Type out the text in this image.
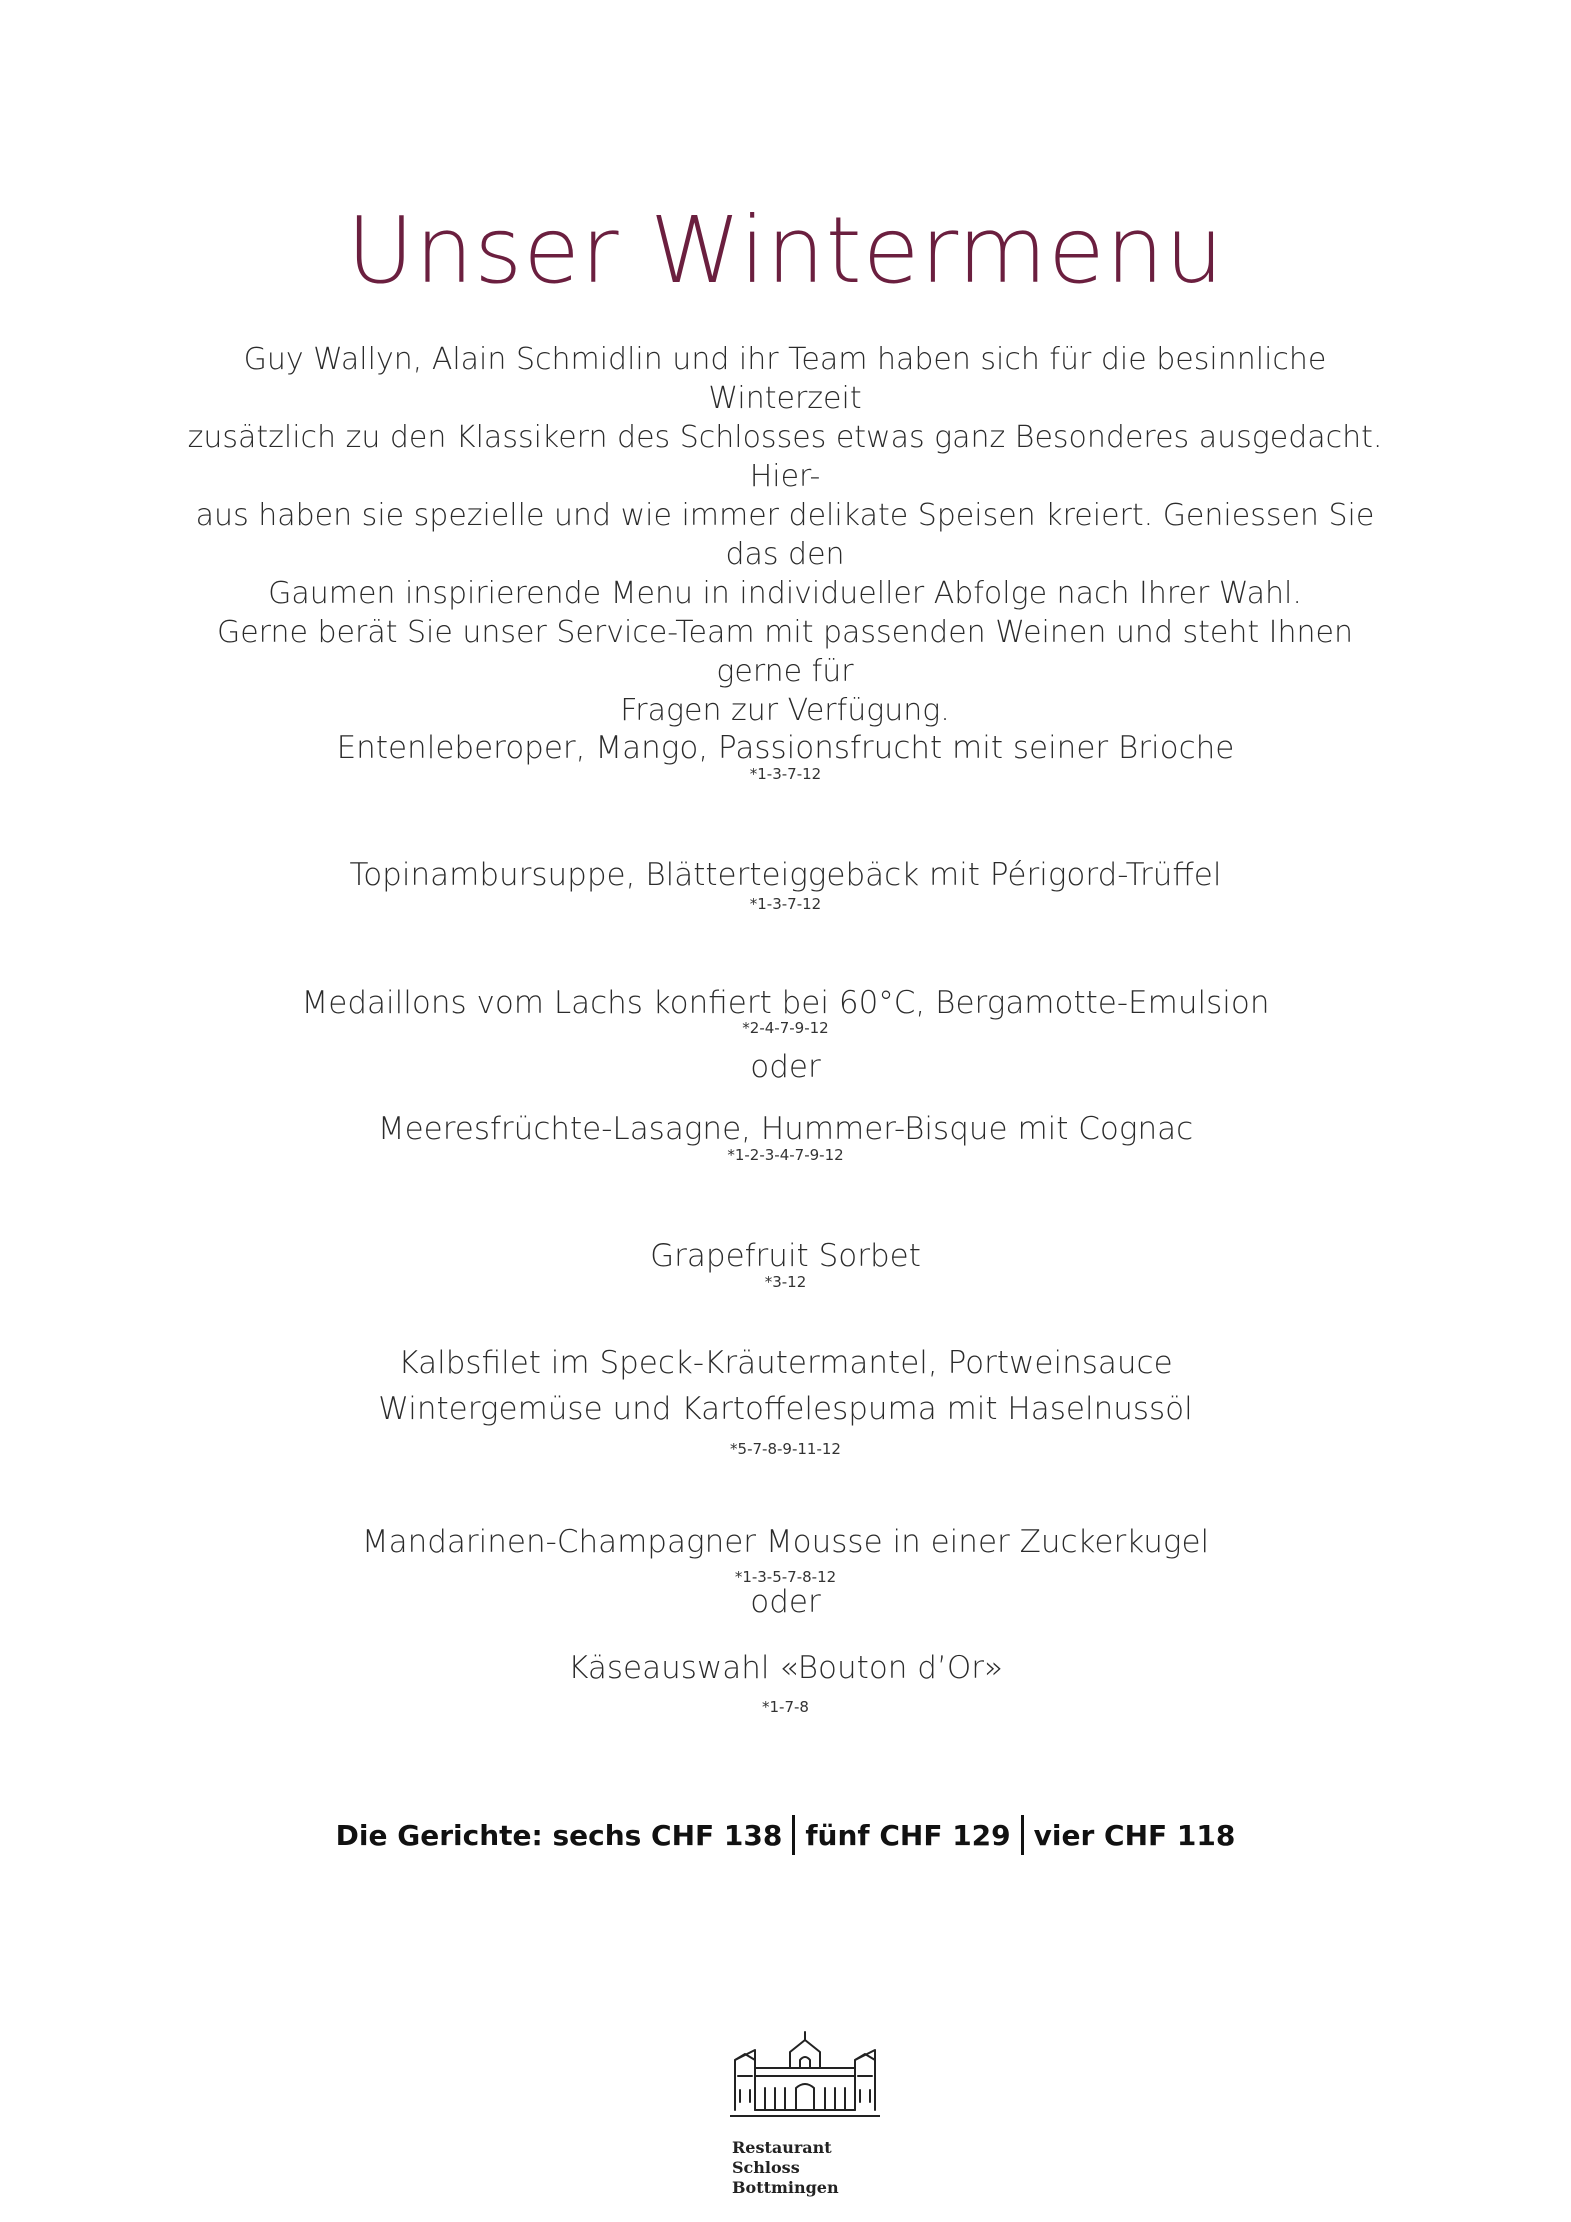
Unser Wintermenu
Guy Wallyn, Alain Schmidlin und ihr Team haben sich für die besinnliche Winterzeit
zusätzlich zu den Klassikern des Schlosses etwas ganz Besonderes ausgedacht. Hier-
aus haben sie spezielle und wie immer delikate Speisen kreiert. Geniessen Sie das den
Gaumen inspirierende Menu in individueller Abfolge nach Ihrer Wahl.
Gerne berät Sie unser Service-Team mit passenden Weinen und steht Ihnen gerne für
Fragen zur Verfügung.
Entenleberoper, Mango, Passionsfrucht mit seiner Brioche
*1-3-7-12
Topinambursuppe, Blätterteiggebäck mit Périgord-Trüffel
*1-3-7-12
Medaillons vom Lachs konfiert bei 60°C, Bergamotte-Emulsion
*2-4-7-9-12
oder
Meeresfrüchte-Lasagne, Hummer-Bisque mit Cognac
*1-2-3-4-7-9-12
Grapefruit Sorbet
*3-12
Kalbsfilet im Speck-Kräutermantel, Portweinsauce
Wintergemüse und Kartoffelespuma mit Haselnussöl
*5-7-8-9-11-12
Mandarinen-Champagner Mousse in einer Zuckerkugel
*1-3-5-7-8-12
oder
Käseauswahl «Bouton d’Or»
*1-7-8
Die Gerichte: sechs CHF 138 fünf CHF 129 vier CHF 118
Restaurant
Schloss
Bottmingen
